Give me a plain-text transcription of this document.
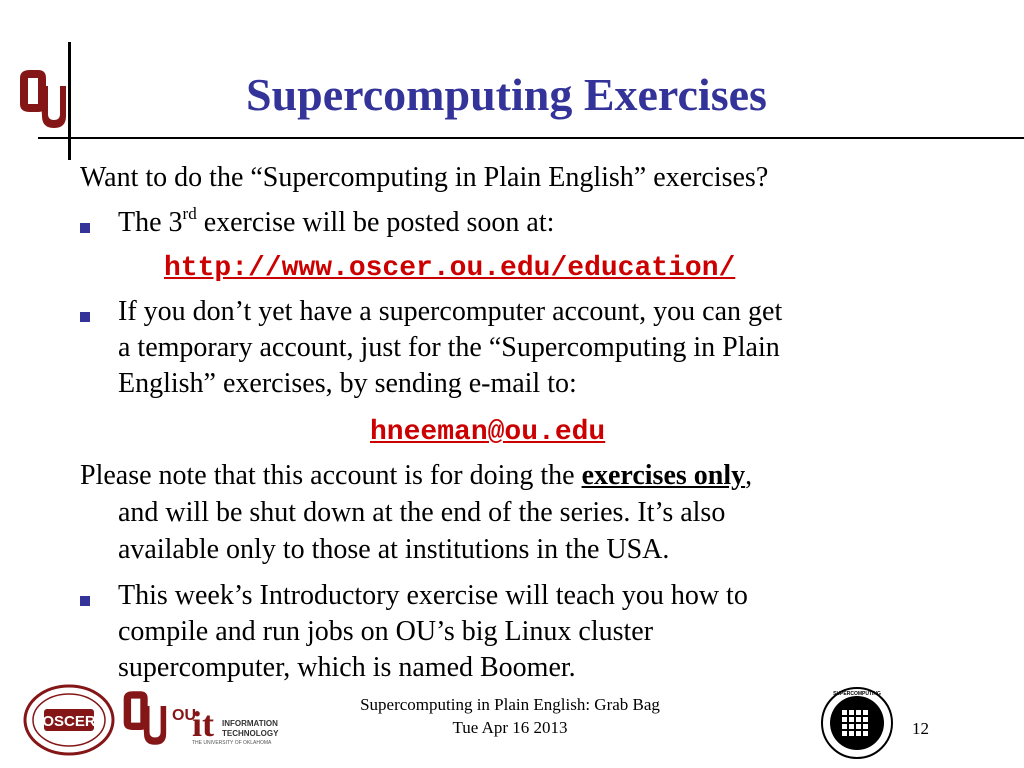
Supercomputing Exercises
Want to do the “Supercomputing in Plain English” exercises?
The 3rd exercise will be posted soon at:
http://www.oscer.ou.edu/education/
If you don’t yet have a supercomputer account, you can get
a temporary account, just for the “Supercomputing in Plain
English” exercises, by sending e-mail to:
hneeman@ou.edu
Please note that this account is for doing the exercises only,
and will be shut down at the end of the series. It’s also
available only to those at institutions in the USA.
This week’s Introductory exercise will teach you how to
compile and run jobs on OU’s big Linux cluster
supercomputer, which is named Boomer.
OSCER	OU
it INFORMATION
TECHNOLOGY
THE UNIVERSITY OF OKLAHOMA
Supercomputing in Plain English: Grab Bag
Tue Apr 16 2013
SUPERCOMPUTING
12
